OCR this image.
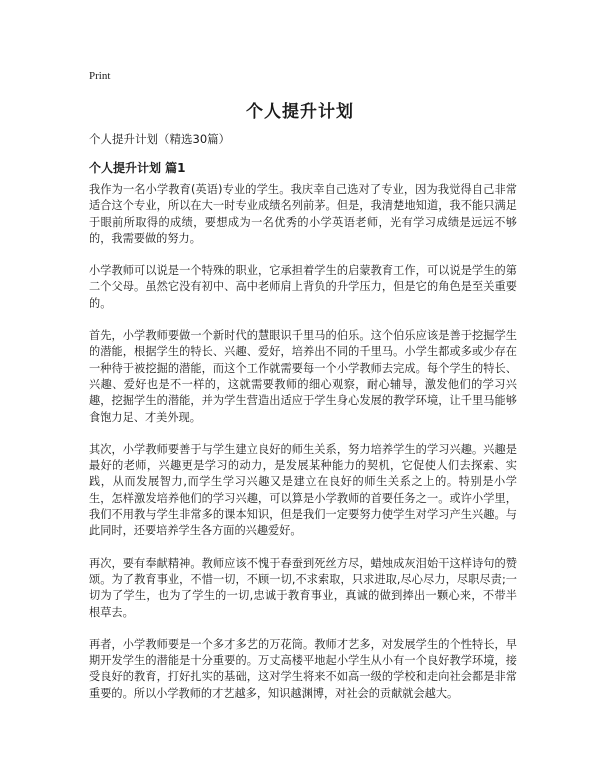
Print
个人提升计划

个人提升计划（精选30篇）

个人提升计划 篇1

我作为一名小学教育(英语)专业的学生。我庆幸自己选对了专业，因为我觉得自己非常适合这个专业，所以在大一时专业成绩名列前茅。但是，我清楚地知道，我不能只满足于眼前所取得的成绩，要想成为一名优秀的小学英语老师，光有学习成绩是远远不够的，我需要做的努力。

小学教师可以说是一个特殊的职业，它承担着学生的启蒙教育工作，可以说是学生的第二个父母。虽然它没有初中、高中老师肩上背负的升学压力，但是它的角色是至关重要的。

首先，小学教师要做一个新时代的慧眼识千里马的伯乐。这个伯乐应该是善于挖掘学生的潜能，根据学生的特长、兴趣、爱好，培养出不同的千里马。小学生都或多或少存在一种待于被挖掘的潜能，而这个工作就需要每一个小学教师去完成。每个学生的特长、兴趣、爱好也是不一样的，这就需要教师的细心观察，耐心辅导，激发他们的学习兴趣，挖掘学生的潜能，并为学生营造出适应于学生身心发展的教学环境，让千里马能够食饱力足、才美外现。

其次，小学教师要善于与学生建立良好的师生关系，努力培养学生的学习兴趣。兴趣是最好的老师，兴趣更是学习的动力，是发展某种能力的契机，它促使人们去探索、实践，从而发展智力,而学生学习兴趣又是建立在良好的师生关系之上的。特别是小学生，怎样激发培养他们的学习兴趣，可以算是小学教师的首要任务之一。或许小学里，我们不用教与学生非常多的课本知识，但是我们一定要努力使学生对学习产生兴趣。与此同时，还要培养学生各方面的兴趣爱好。

再次，要有奉献精神。教师应该不愧于春蚕到死丝方尽，蜡烛成灰泪始干这样诗句的赞颂。为了教育事业，不惜一切，不顾一切,不求索取，只求进取,尽心尽力，尽职尽责;一切为了学生，也为了学生的一切,忠诚于教育事业，真诚的做到捧出一颗心来，不带半根草去。

再者，小学教师要是一个多才多艺的万花筒。教师才艺多，对发展学生的个性特长，早期开发学生的潜能是十分重要的。万丈高楼平地起小学生从小有一个良好教学环境，接受良好的教育，打好扎实的基础，这对学生将来不如高一级的学校和走向社会都是非常重要的。所以小学教师的才艺越多，知识越渊博，对社会的贡献就会越大。
